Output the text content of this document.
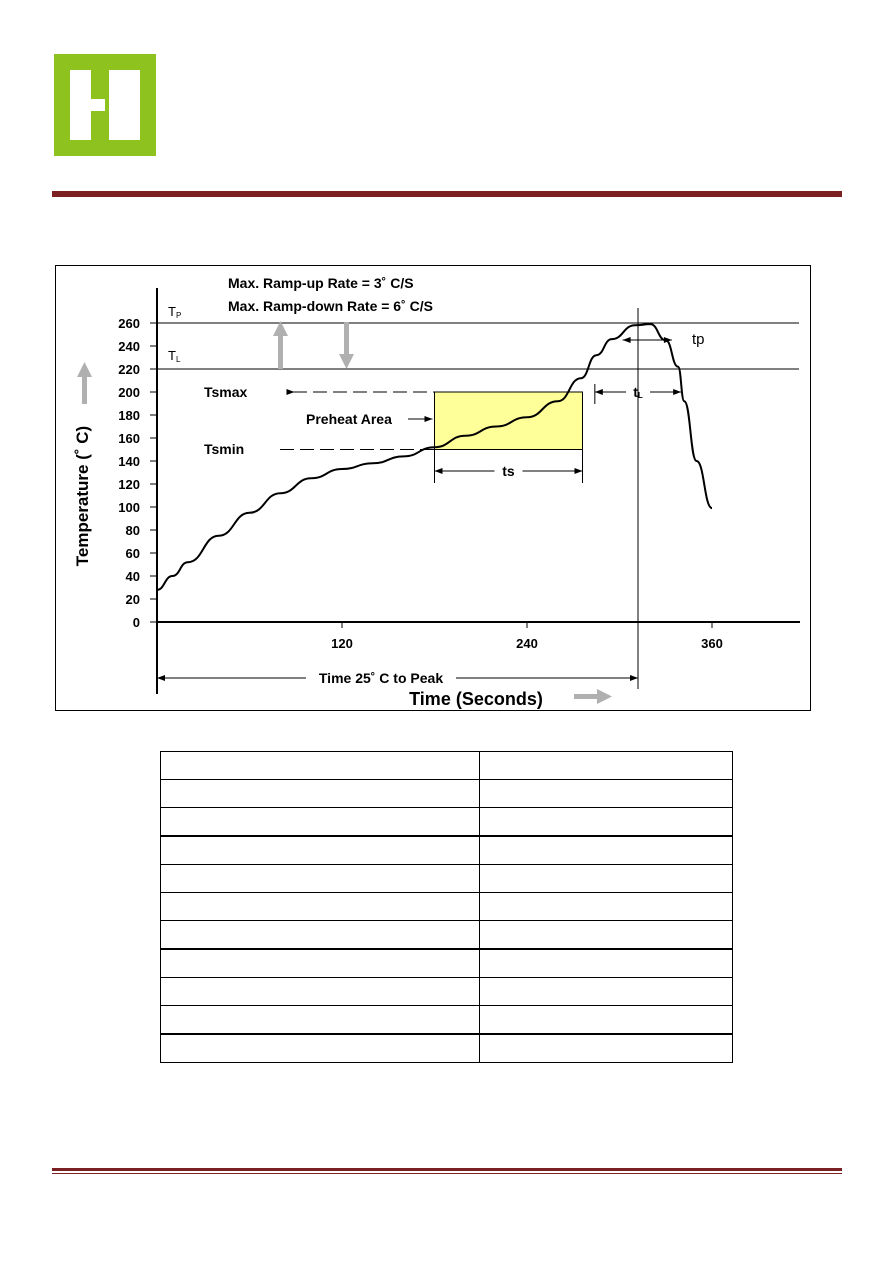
0
20
40
60
80
100
120
140
160
180
200
220
240
260
120	240	360
Max. Ramp-up Rate = 3˚ C/S
Max. Ramp-down Rate = 6˚ C/S
TP
TL
Tsmax
Tsmin
Preheat Area
ts
tL
tp
Time 25˚ C to Peak
Time (Seconds)
Temperature (˚ C)
